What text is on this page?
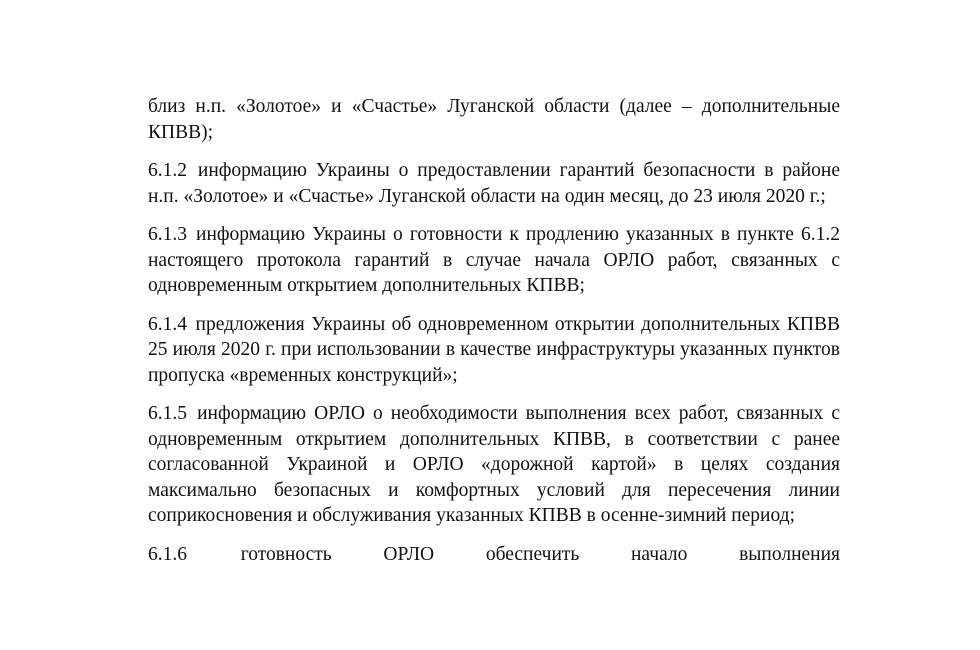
близ н.п. «Золотое» и «Счастье» Луганской области (далее – дополнительные КПВВ);

6.1.2 информацию Украины о предоставлении гарантий безопасности в районе н.п. «Золотое» и «Счастье» Луганской области на один месяц, до 23 июля 2020 г.;

6.1.3 информацию Украины о готовности к продлению указанных в пункте 6.1.2 настоящего протокола гарантий в случае начала ОРЛО работ, связанных с одновременным открытием дополнительных КПВВ;

6.1.4 предложения Украины об одновременном открытии дополнительных КПВВ 25 июля 2020 г. при использовании в качестве инфраструктуры указанных пунктов пропуска «временных конструкций»;

6.1.5 информацию ОРЛО о необходимости выполнения всех работ, связанных с одновременным открытием дополнительных КПВВ, в соответствии с ранее согласованной Украиной и ОРЛО «дорожной картой» в целях создания максимально безопасных и комфортных условий для пересечения линии соприкосновения и обслуживания указанных КПВВ в осенне-зимний период;

6.1.6	готовность ОРЛО обеспечить начало выполнения
